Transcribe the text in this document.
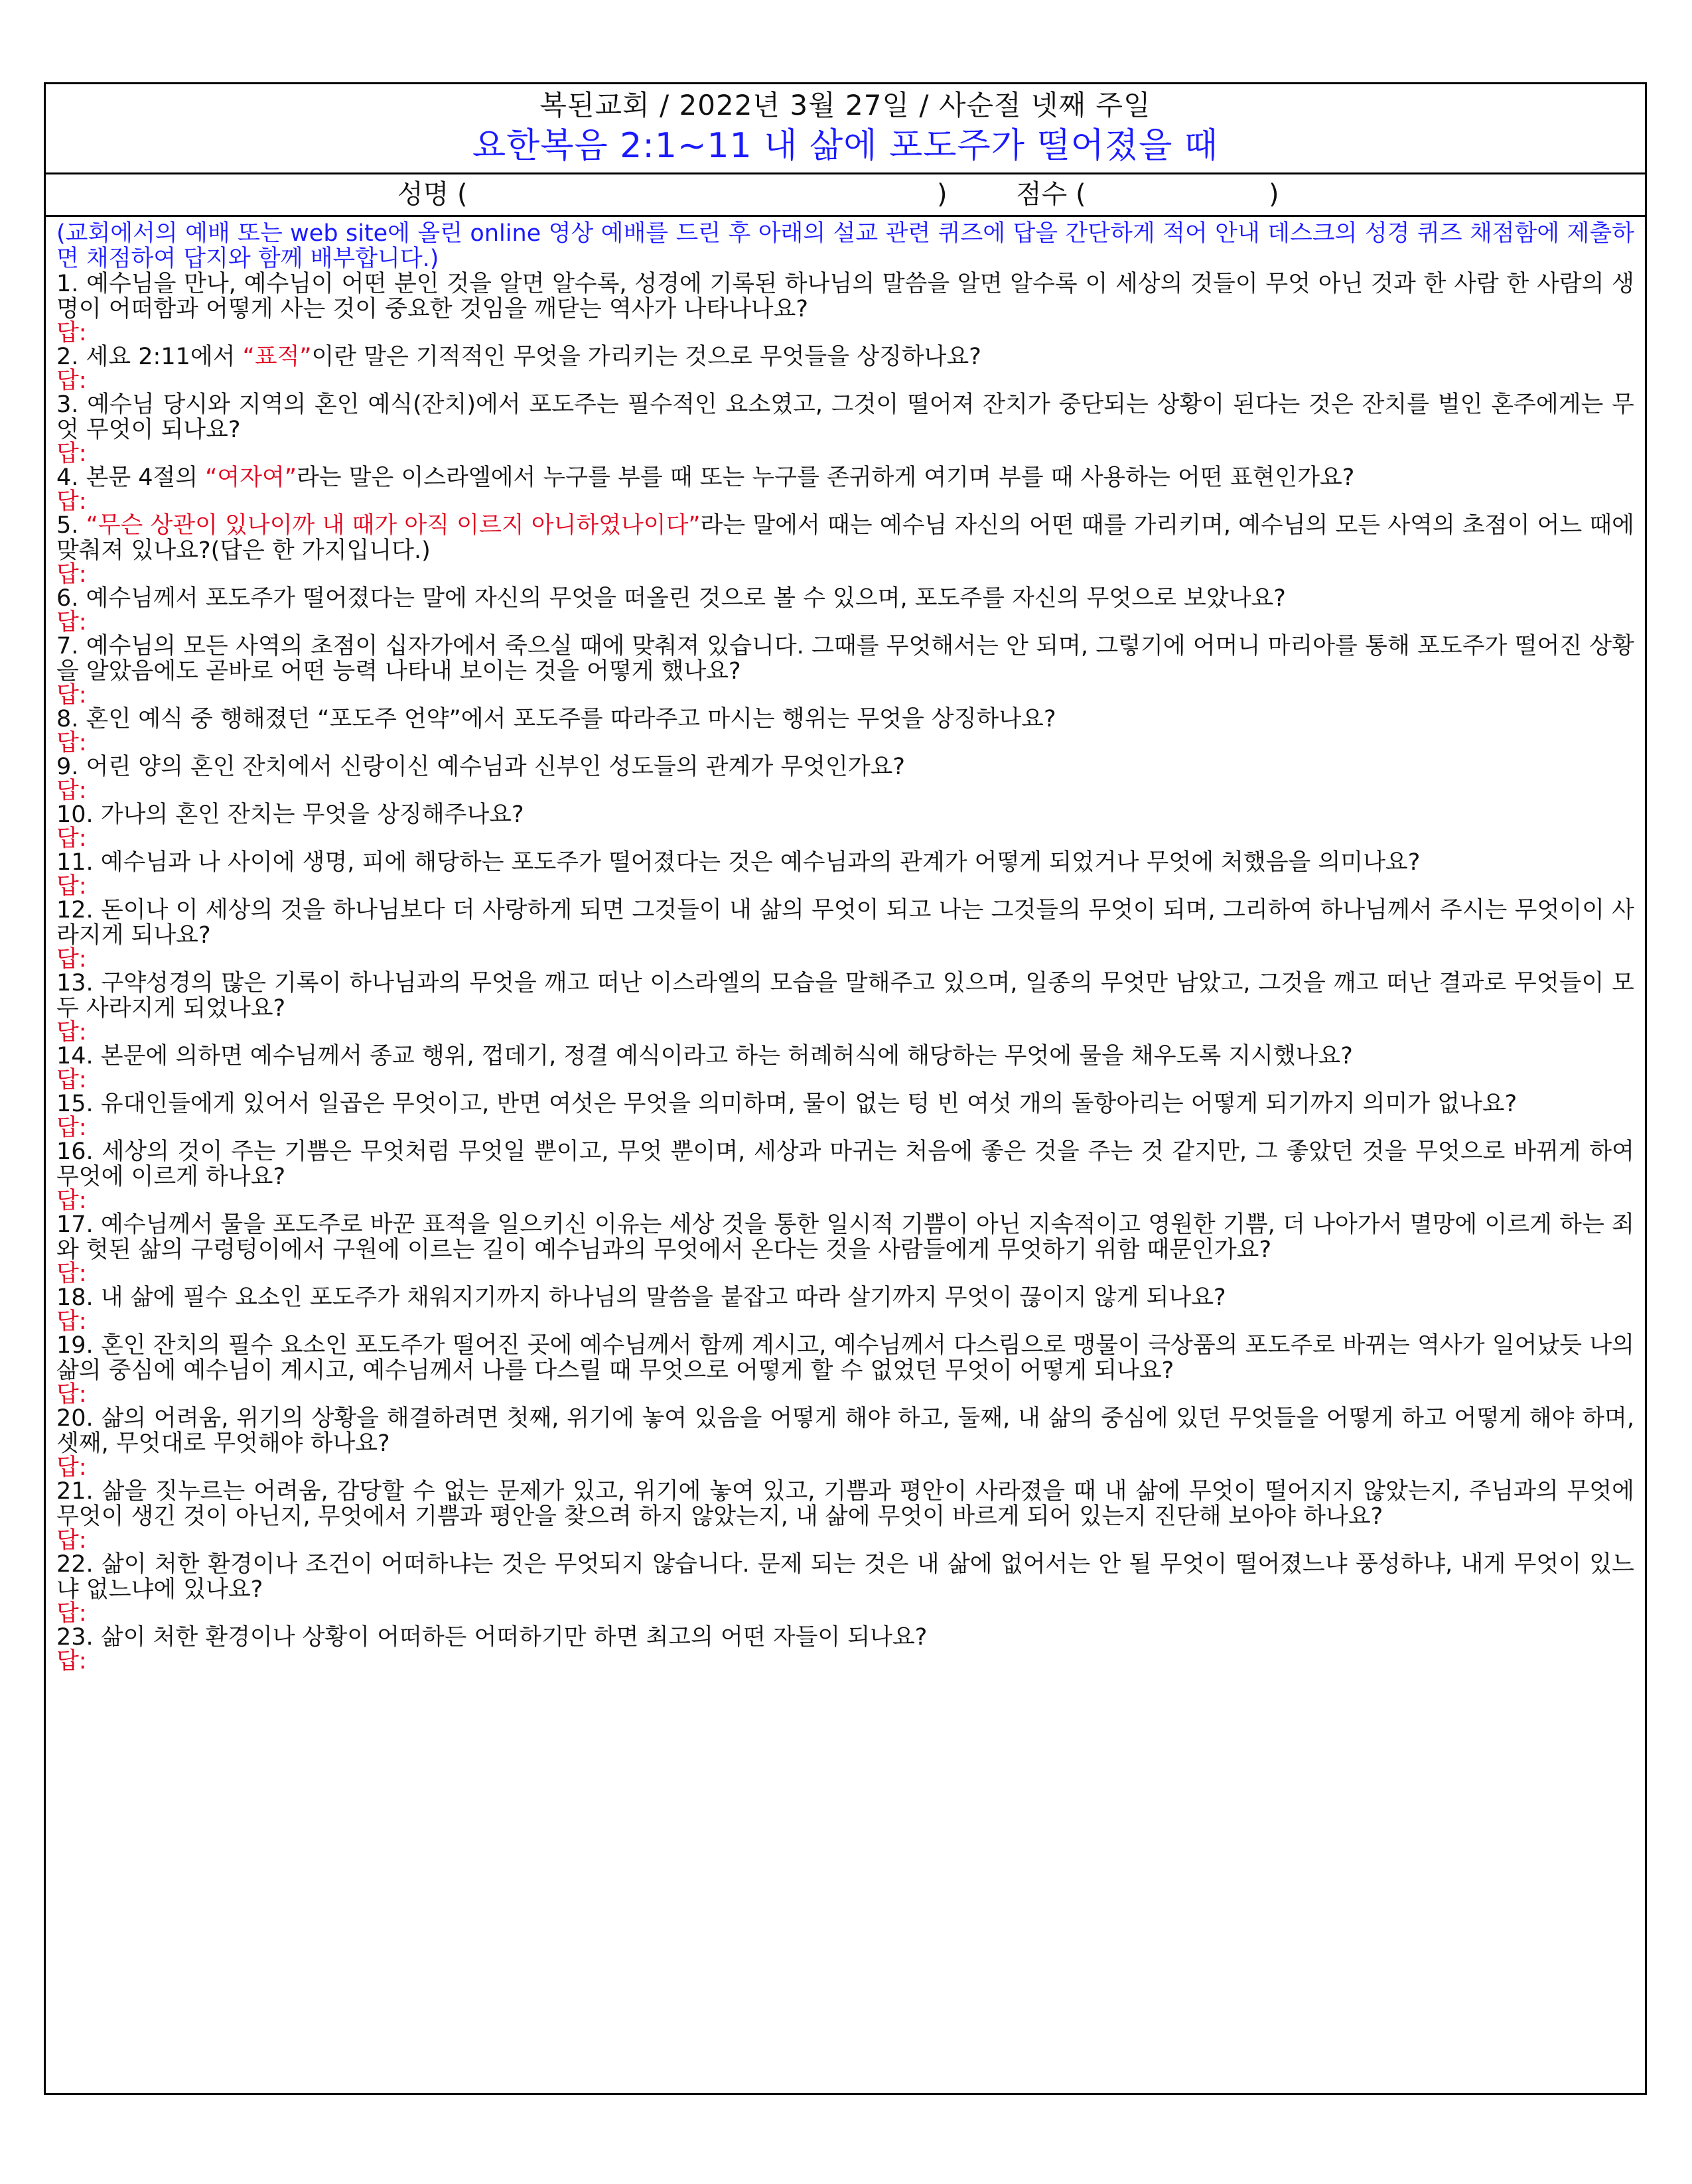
복된교회 / 2022년 3월 27일 / 사순절 넷째 주일
요한복음 2:1~11 내 삶에 포도주가 떨어졌을 때
성명 (	)	점수 (	)
(교회에서의 예배 또는 web site에 올린 online 영상 예배를 드린 후 아래의 설교 관련 퀴즈에 답을 간단하게 적어 안내 데스크의 성경 퀴즈 채점함에 제출하면 채점하여 답지와 함께 배부합니다.)
1. 예수님을 만나, 예수님이 어떤 분인 것을 알면 알수록, 성경에 기록된 하나님의 말씀을 알면 알수록 이 세상의 것들이 무엇 아닌 것과 한 사람 한 사람의 생명이 어떠함과 어떻게 사는 것이 중요한 것임을 깨닫는 역사가 나타나나요?
답:
2. 세요 2:11에서 “표적”이란 말은 기적적인 무엇을 가리키는 것으로 무엇들을 상징하나요?
답:
3. 예수님 당시와 지역의 혼인 예식(잔치)에서 포도주는 필수적인 요소였고, 그것이 떨어져 잔치가 중단되는 상황이 된다는 것은 잔치를 벌인 혼주에게는 무엇 무엇이 되나요?
답:
4. 본문 4절의 “여자여”라는 말은 이스라엘에서 누구를 부를 때 또는 누구를 존귀하게 여기며 부를 때 사용하는 어떤 표현인가요?
답:
5. “무슨 상관이 있나이까 내 때가 아직 이르지 아니하였나이다”라는 말에서 때는 예수님 자신의 어떤 때를 가리키며, 예수님의 모든 사역의 초점이 어느 때에 맞춰져 있나요?(답은 한 가지입니다.)
답:
6. 예수님께서 포도주가 떨어졌다는 말에 자신의 무엇을 떠올린 것으로 볼 수 있으며, 포도주를 자신의 무엇으로 보았나요?
답:
7. 예수님의 모든 사역의 초점이 십자가에서 죽으실 때에 맞춰져 있습니다. 그때를 무엇해서는 안 되며, 그렇기에 어머니 마리아를 통해 포도주가 떨어진 상황을 알았음에도 곧바로 어떤 능력 나타내 보이는 것을 어떻게 했나요?
답:
8. 혼인 예식 중 행해졌던 “포도주 언약”에서 포도주를 따라주고 마시는 행위는 무엇을 상징하나요?
답:
9. 어린 양의 혼인 잔치에서 신랑이신 예수님과 신부인 성도들의 관계가 무엇인가요?
답:
10. 가나의 혼인 잔치는 무엇을 상징해주나요?
답:
11. 예수님과 나 사이에 생명, 피에 해당하는 포도주가 떨어졌다는 것은 예수님과의 관계가 어떻게 되었거나 무엇에 처했음을 의미나요?
답:
12. 돈이나 이 세상의 것을 하나님보다 더 사랑하게 되면 그것들이 내 삶의 무엇이 되고 나는 그것들의 무엇이 되며, 그리하여 하나님께서 주시는 무엇이이 사라지게 되나요?
답:
13. 구약성경의 많은 기록이 하나님과의 무엇을 깨고 떠난 이스라엘의 모습을 말해주고 있으며, 일종의 무엇만 남았고, 그것을 깨고 떠난 결과로 무엇들이 모두 사라지게 되었나요?
답:
14. 본문에 의하면 예수님께서 종교 행위, 껍데기, 정결 예식이라고 하는 허례허식에 해당하는 무엇에 물을 채우도록 지시했나요?
답:
15. 유대인들에게 있어서 일곱은 무엇이고, 반면 여섯은 무엇을 의미하며, 물이 없는 텅 빈 여섯 개의 돌항아리는 어떻게 되기까지 의미가 없나요?
답:
16. 세상의 것이 주는 기쁨은 무엇처럼 무엇일 뿐이고, 무엇 뿐이며, 세상과 마귀는 처음에 좋은 것을 주는 것 같지만, 그 좋았던 것을 무엇으로 바뀌게 하여 무엇에 이르게 하나요?
답:
17. 예수님께서 물을 포도주로 바꾼 표적을 일으키신 이유는 세상 것을 통한 일시적 기쁨이 아닌 지속적이고 영원한 기쁨, 더 나아가서 멸망에 이르게 하는 죄와 헛된 삶의 구렁텅이에서 구원에 이르는 길이 예수님과의 무엇에서 온다는 것을 사람들에게 무엇하기 위함 때문인가요?
답:
18. 내 삶에 필수 요소인 포도주가 채워지기까지 하나님의 말씀을 붙잡고 따라 살기까지 무엇이 끊이지 않게 되나요?
답:
19. 혼인 잔치의 필수 요소인 포도주가 떨어진 곳에 예수님께서 함께 계시고, 예수님께서 다스림으로 맹물이 극상품의 포도주로 바뀌는 역사가 일어났듯 나의 삶의 중심에 예수님이 계시고, 예수님께서 나를 다스릴 때 무엇으로 어떻게 할 수 없었던 무엇이 어떻게 되나요?
답:
20. 삶의 어려움, 위기의 상황을 해결하려면 첫째, 위기에 놓여 있음을 어떻게 해야 하고, 둘째, 내 삶의 중심에 있던 무엇들을 어떻게 하고 어떻게 해야 하며, 셋째, 무엇대로 무엇해야 하나요?
답:
21. 삶을 짓누르는 어려움, 감당할 수 없는 문제가 있고, 위기에 놓여 있고, 기쁨과 평안이 사라졌을 때 내 삶에 무엇이 떨어지지 않았는지, 주님과의 무엇에 무엇이 생긴 것이 아닌지, 무엇에서 기쁨과 평안을 찾으려 하지 않았는지, 내 삶에 무엇이 바르게 되어 있는지 진단해 보아야 하나요?
답:
22. 삶이 처한 환경이나 조건이 어떠하냐는 것은 무엇되지 않습니다. 문제 되는 것은 내 삶에 없어서는 안 될 무엇이 떨어졌느냐 풍성하냐, 내게 무엇이 있느냐 없느냐에 있나요?
답:
23. 삶이 처한 환경이나 상황이 어떠하든 어떠하기만 하면 최고의 어떤 자들이 되나요?
답:
